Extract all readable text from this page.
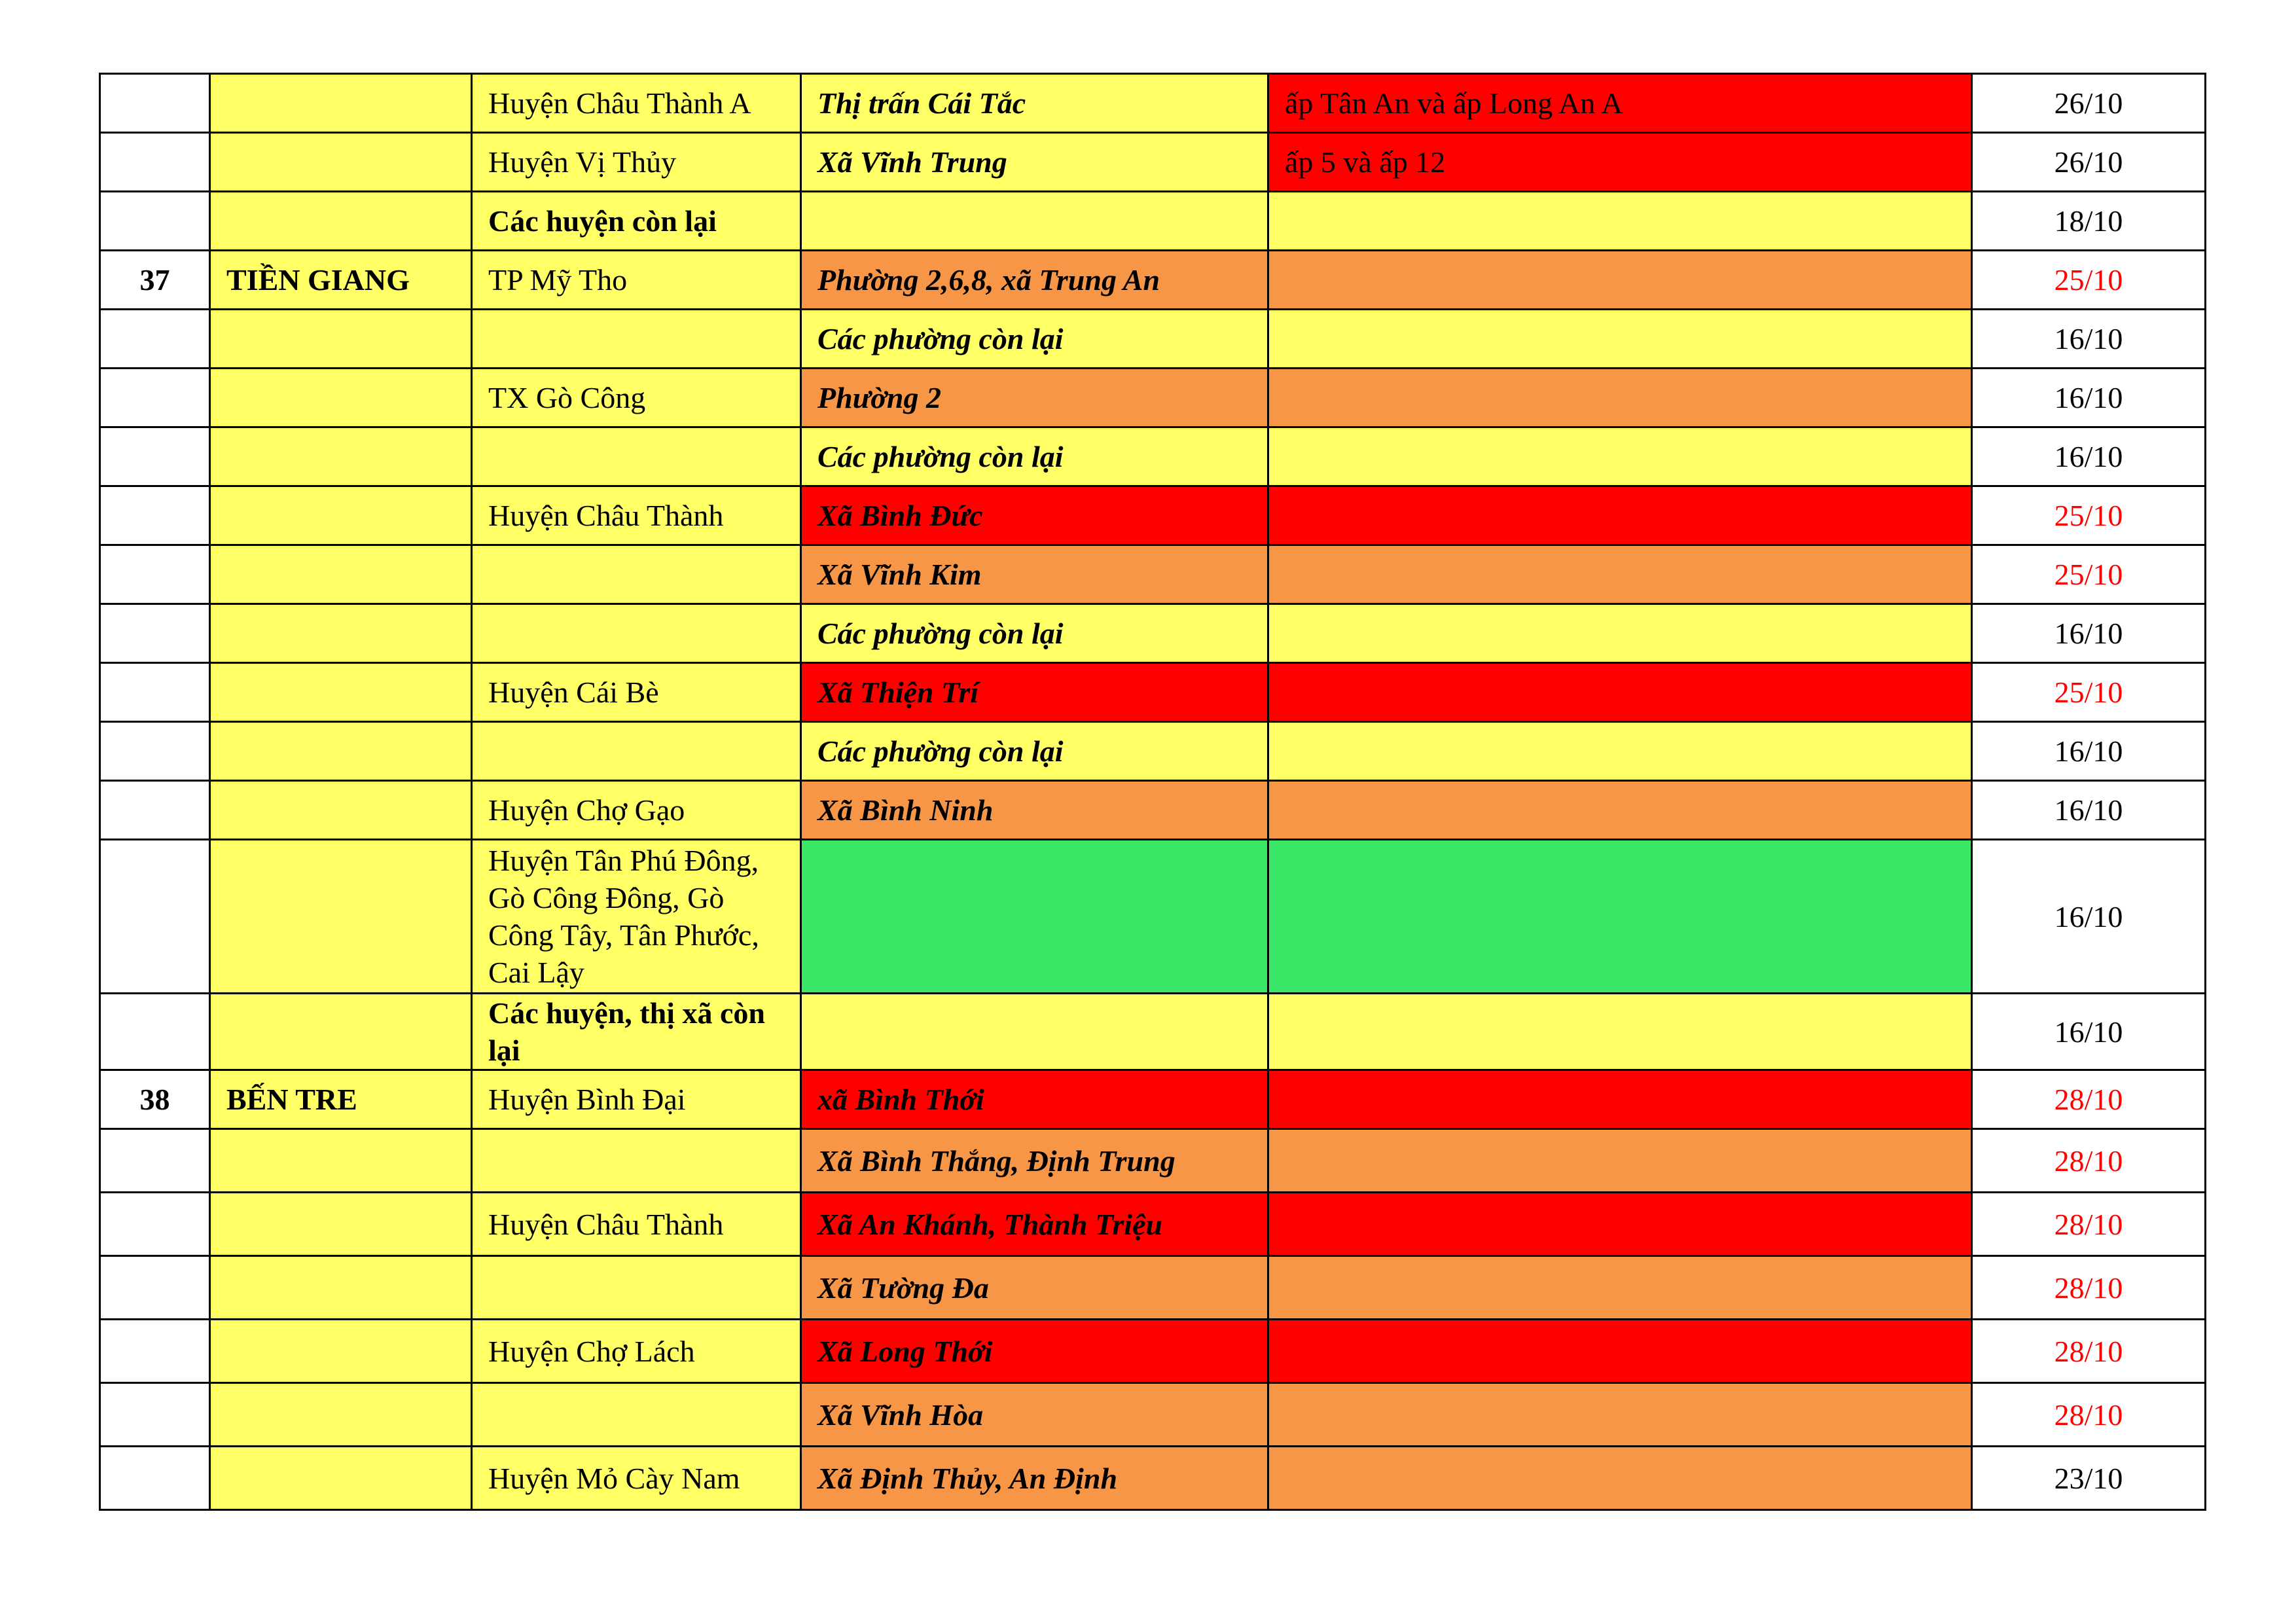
		Huyện Châu Thành A	Thị trấn Cái Tắc	ấp Tân An và ấp Long An A	26/10
		Huyện Vị Thủy	Xã Vĩnh Trung	ấp 5 và ấp 12	26/10
		Các huyện còn lại			18/10
37	TIỀN GIANG	TP Mỹ Tho	Phường 2,6,8, xã Trung An		25/10
			Các phường còn lại		16/10
		TX Gò Công	Phường 2		16/10
			Các phường còn lại		16/10
		Huyện Châu Thành	Xã Bình Đức		25/10
			Xã Vĩnh Kim		25/10
			Các phường còn lại		16/10
		Huyện Cái Bè	Xã Thiện Trí		25/10
			Các phường còn lại		16/10
		Huyện Chợ Gạo	Xã Bình Ninh		16/10
		Huyện Tân Phú Đông, Gò Công Đông, Gò Công Tây, Tân Phước, Cai Lậy			16/10
		Các huyện, thị xã còn lại			16/10
38	BẾN TRE	Huyện Bình Đại	xã Bình Thới		28/10
			Xã Bình Thắng, Định Trung		28/10
		Huyện Châu Thành	Xã An Khánh, Thành Triệu		28/10
			Xã Tường Đa		28/10
		Huyện Chợ Lách	Xã Long Thới		28/10
			Xã Vĩnh Hòa		28/10
		Huyện Mỏ Cày Nam	Xã Định Thủy, An Định		23/10
